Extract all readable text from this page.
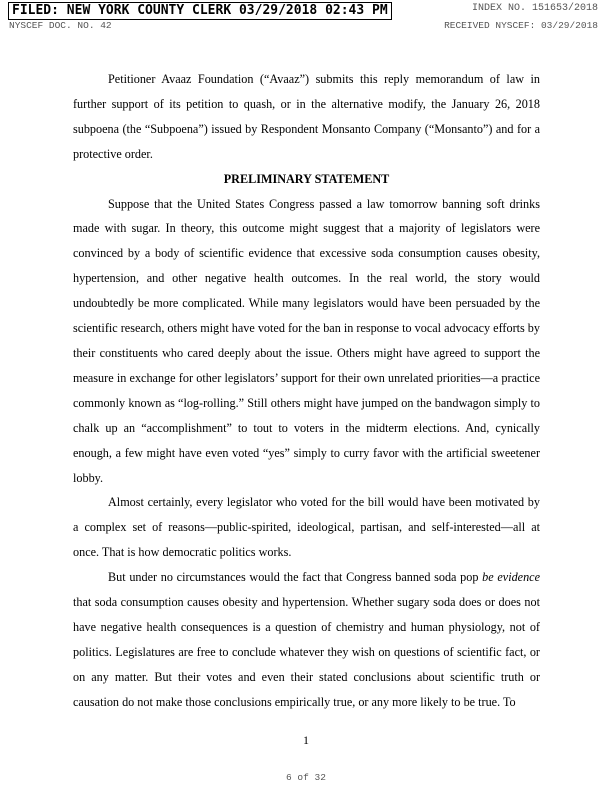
FILED: NEW YORK COUNTY CLERK 03/29/2018 02:43 PM	INDEX NO. 151653/2018
NYSCEF DOC. NO. 42	RECEIVED NYSCEF: 03/29/2018

Petitioner Avaaz Foundation (“Avaaz”) submits this reply memorandum of law in further support of its petition to quash, or in the alternative modify, the January 26, 2018 subpoena (the “Subpoena”) issued by Respondent Monsanto Company (“Monsanto”) and for a protective order.

PRELIMINARY STATEMENT

Suppose that the United States Congress passed a law tomorrow banning soft drinks made with sugar. In theory, this outcome might suggest that a majority of legislators were convinced by a body of scientific evidence that excessive soda consumption causes obesity, hypertension, and other negative health outcomes. In the real world, the story would undoubtedly be more complicated. While many legislators would have been persuaded by the scientific research, others might have voted for the ban in response to vocal advocacy efforts by their constituents who cared deeply about the issue. Others might have agreed to support the measure in exchange for other legislators’ support for their own unrelated priorities—a practice commonly known as “log-rolling.” Still others might have jumped on the bandwagon simply to chalk up an “accomplishment” to tout to voters in the midterm elections. And, cynically enough, a few might have even voted “yes” simply to curry favor with the artificial sweetener lobby.

Almost certainly, every legislator who voted for the bill would have been motivated by a complex set of reasons—public-spirited, ideological, partisan, and self-interested—all at once. That is how democratic politics works.

But under no circumstances would the fact that Congress banned soda pop be evidence that soda consumption causes obesity and hypertension. Whether sugary soda does or does not have negative health consequences is a question of chemistry and human physiology, not of politics. Legislatures are free to conclude whatever they wish on questions of scientific fact, or on any matter. But their votes and even their stated conclusions about scientific truth or causation do not make those conclusions empirically true, or any more likely to be true. To

1
6 of 32
